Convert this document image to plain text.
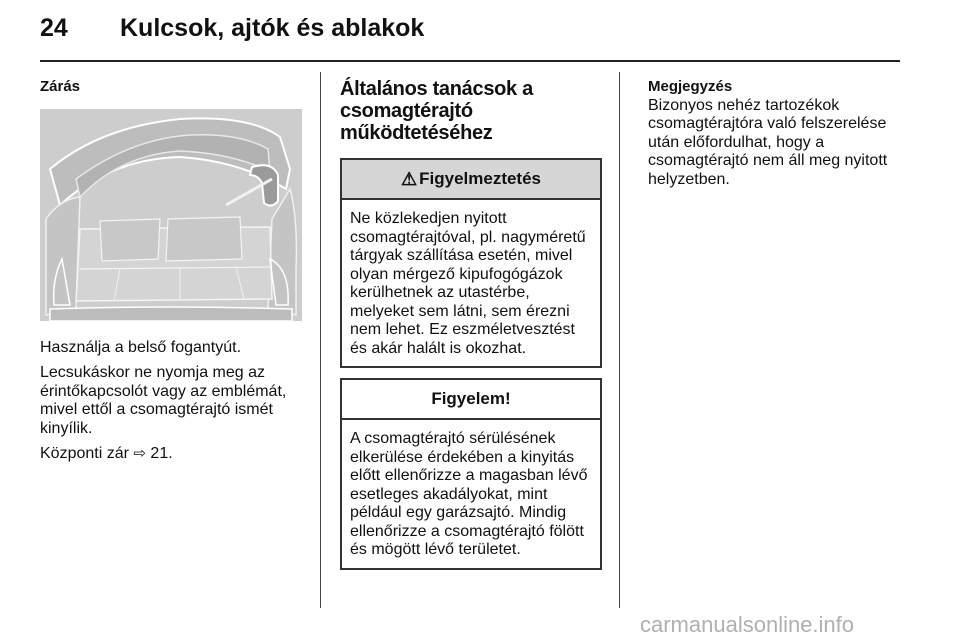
24 Kulcsok, ajtók és ablakok
Zárás

Használja a belső fogantyút.

Lecsukáskor ne nyomja meg az érintőkapcsolót vagy az emblémát, mivel ettől a csomagtérajtó ismét kinyílik.

Központi zár ⇨ 21.

Általános tanácsok a
csomagtérajtó működtetéséhez
⚠ Figyelmeztetés
Ne közlekedjen nyitott csomagtérajtóval, pl. nagyméretű tárgyak szállítása esetén, mivel olyan mérgező kipufogógázok kerülhetnek az utastérbe, melyeket sem látni, sem érezni nem lehet. Ez eszméletvesztést és akár halált is okozhat.
Figyelem!
A csomagtérajtó sérülésének elkerülése érdekében a kinyitás előtt ellenőrizze a magasban lévő esetleges akadályokat, mint például egy garázsajtó. Mindig ellenőrizze a csomagtérajtó fölött és mögött lévő területet.
Megjegyzés
Bizonyos nehéz tartozékok csomagtérajtóra való felszerelése után előfordulhat, hogy a csomagtérajtó nem áll meg nyitott helyzetben.
carmanualsonline.info
